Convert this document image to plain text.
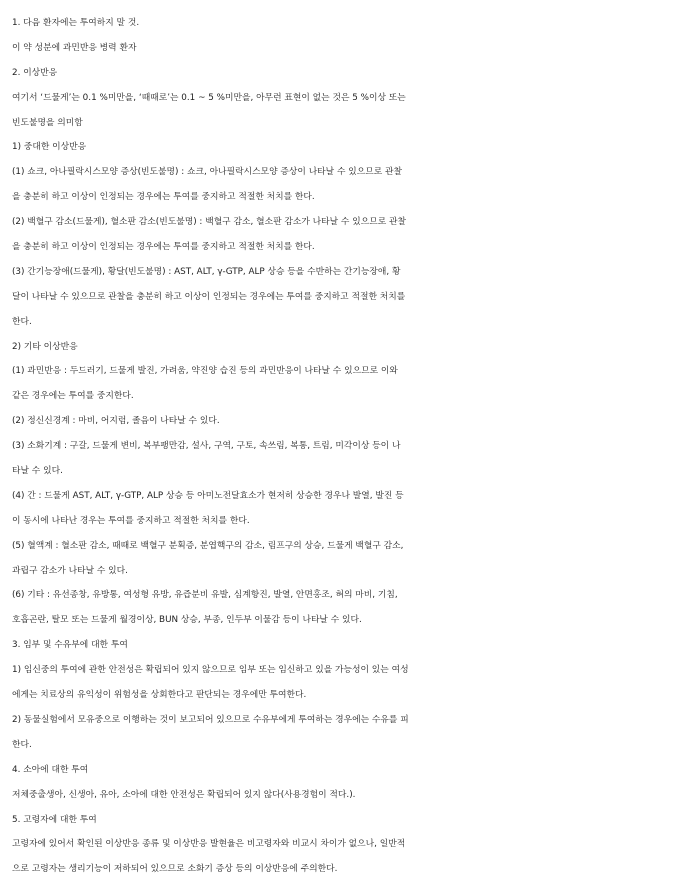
1. 다음 환자에는 투여하지 말 것.
이 약 성분에 과민반응 병력 환자
2. 이상반응
여기서 ‘드물게’는 0.1 %미만을, ‘때때로’는 0.1 ~ 5 %미만을, 아무런 표현이 없는 것은 5 %이상 또는
빈도불명을 의미함
1) 중대한 이상반응
(1) 쇼크, 아나필락시스모양 증상(빈도불명) : 쇼크, 아나필락시스모양 증상이 나타날 수 있으므로 관찰
을 충분히 하고 이상이 인정되는 경우에는 투여를 중지하고 적절한 처치를 한다.
(2) 백혈구 감소(드물게), 혈소판 감소(빈도불명) : 백혈구 감소, 혈소판 감소가 나타날 수 있으므로 관찰
을 충분히 하고 이상이 인정되는 경우에는 투여를 중지하고 적절한 처치를 한다.
(3) 간기능장애(드물게), 황달(빈도불명) : AST, ALT, γ-GTP, ALP 상승 등을 수반하는 간기능장애, 황
달이 나타날 수 있으므로 관찰을 충분히 하고 이상이 인정되는 경우에는 투여를 중지하고 적절한 처치를
한다.
2) 기타 이상반응
(1) 과민반응 : 두드러기, 드물게 발진, 가려움, 약진양 습진 등의 과민반응이 나타날 수 있으므로 이와
같은 경우에는 투여를 중지한다.
(2) 정신신경계 : 마비, 어지럼, 졸음이 나타날 수 있다.
(3) 소화기계 : 구갈, 드물게 변비, 복부팽만감, 설사, 구역, 구토, 속쓰림, 복통, 트림, 미각이상 등이 나
타날 수 있다.
(4) 간 : 드물게 AST, ALT, γ-GTP, ALP 상승 등 아미노전달효소가 현저히 상승한 경우나 발열, 발진 등
이 동시에 나타난 경우는 투여를 중지하고 적절한 처치를 한다.
(5) 혈액계 : 혈소판 감소, 때때로 백혈구 분획증, 분엽핵구의 감소, 림프구의 상승, 드물게 백혈구 감소,
과립구 감소가 나타날 수 있다.
(6) 기타 : 유선종창, 유방통, 여성형 유방, 유즙분비 유발, 심계항진, 발열, 안면홍조, 혀의 마비, 기침,
호흡곤란, 탈모 또는 드물게 월경이상, BUN 상승, 부종, 인두부 이물감 등이 나타날 수 있다.
3. 임부 및 수유부에 대한 투여
1) 임신중의 투여에 관한 안전성은 확립되어 있지 않으므로 임부 또는 임신하고 있을 가능성이 있는 여성
에게는 치료상의 유익성이 위험성을 상회한다고 판단되는 경우에만 투여한다.
2) 동물실험에서 모유중으로 이행하는 것이 보고되어 있으므로 수유부에게 투여하는 경우에는 수유를 피
한다.
4. 소아에 대한 투여
저체중출생아, 신생아, 유아, 소아에 대한 안전성은 확립되어 있지 않다(사용경험이 적다.).
5. 고령자에 대한 투여
고령자에 있어서 확인된 이상반응 종류 및 이상반응 발현율은 비고령자와 비교시 차이가 없으나, 일반적
으로 고령자는 생리기능이 저하되어 있으므로 소화기 증상 등의 이상반응에 주의한다.
